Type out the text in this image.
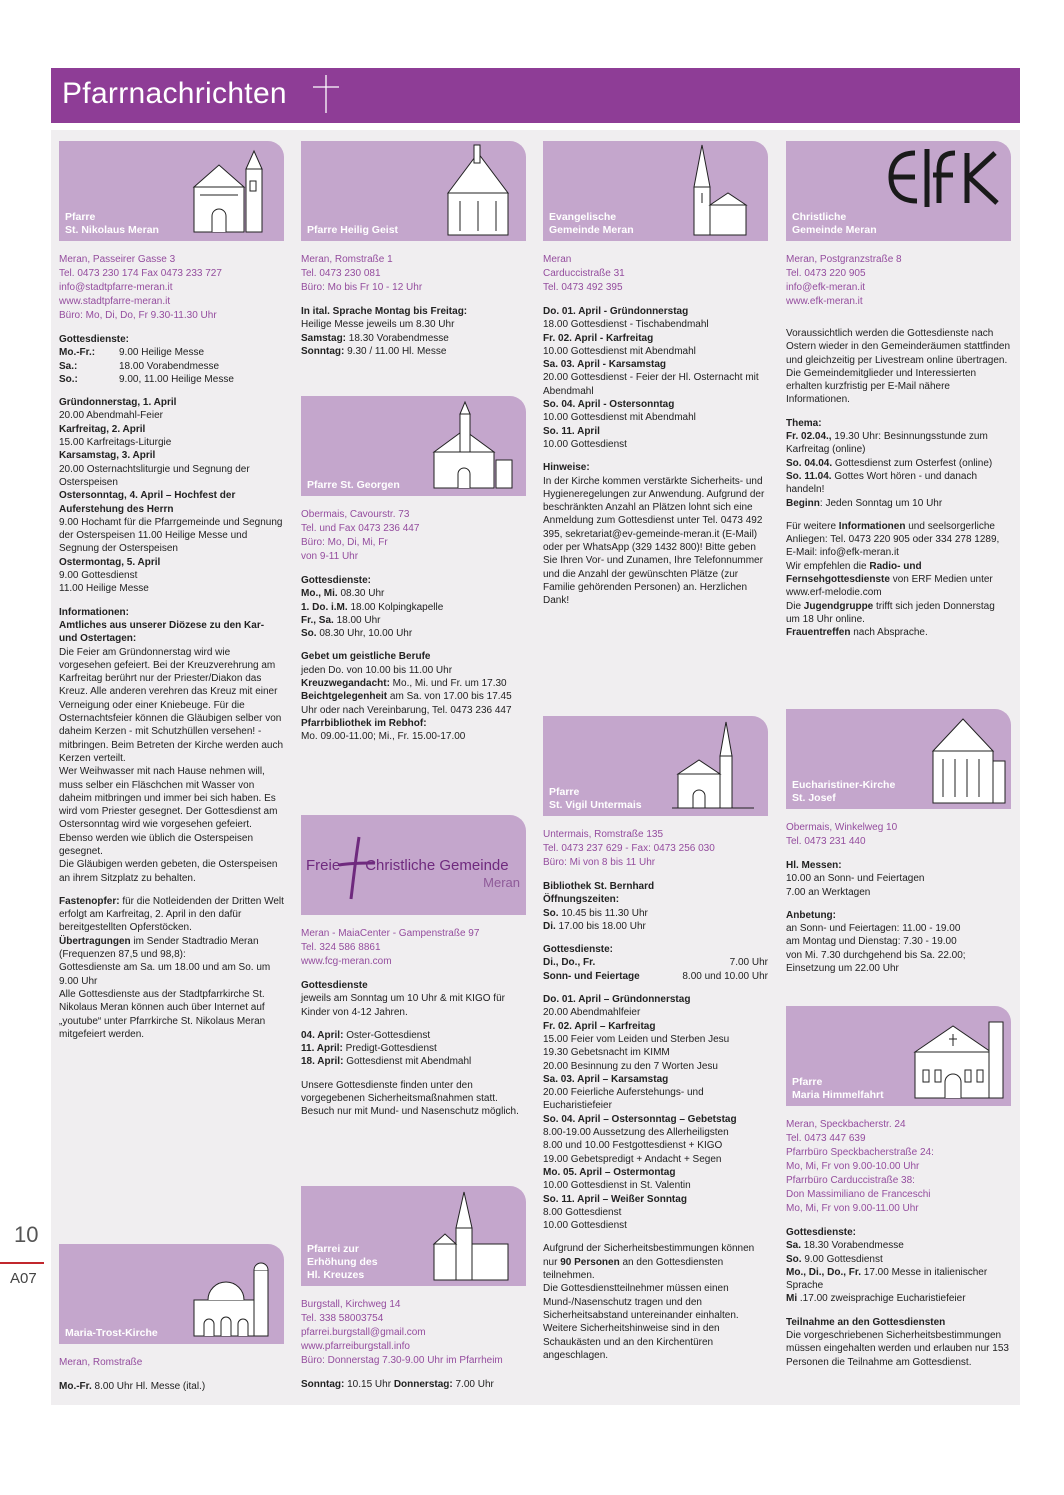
Pfarrnachrichten
10
A07
Pfarre
St. Nikolaus Meran
Meran, Passeirer Gasse 3
Tel. 0473 230 174 Fax 0473 233 727
info@stadtpfarre-meran.it
www.stadtpfarre-meran.it
Büro: Mo, Di, Do, Fr 9.30-11.30 Uhr

Gottesdienste:

Mo.-Fr.:	9.00 Heilige Messe
Sa.:	18.00 Vorabendmesse
So.:	9.00, 11.00 Heilige Messe

Gründonnerstag, 1. April

20.00 Abendmahl-Feier

Karfreitag, 2. April

15.00 Karfreitags-Liturgie

Karsamstag, 3. April

20.00 Osternachtsliturgie und Segnung der Osterspeisen

Ostersonntag, 4. April – Hochfest der Auferstehung des Herrn

9.00 Hochamt für die Pfarrgemeinde und Segnung der Osterspeisen 11.00 Heilige Messe und Segnung der Osterspeisen

Ostermontag, 5. April

9.00 Gottesdienst

11.00 Heilige Messe

Informationen:

Amtliches aus unserer Diözese zu den Kar- und Ostertagen:

Die Feier am Gründonnerstag wird wie vorgesehen gefeiert. Bei der Kreuzverehrung am Karfreitag berührt nur der Priester/Diakon das Kreuz. Alle anderen verehren das Kreuz mit einer Verneigung oder einer Kniebeuge. Für die Osternachtsfeier können die Gläubigen selber von daheim Kerzen - mit Schutzhüllen versehen! - mitbringen. Beim Betreten der Kirche werden auch Kerzen verteilt.

Wer Weihwasser mit nach Hause nehmen will, muss selber ein Fläschchen mit Wasser von daheim mitbringen und immer bei sich haben. Es wird vom Priester gesegnet. Der Gottesdienst am Ostersonntag wird wie vorgesehen gefeiert. Ebenso werden wie üblich die Osterspeisen gesegnet.

Die Gläubigen werden gebeten, die Osterspeisen an ihrem Sitzplatz zu behalten.

Fastenopfer: für die Notleidenden der Dritten Welt erfolgt am Karfreitag, 2. April in den dafür bereitgestellten Opferstöcken.

Übertragungen im Sender Stadtradio Meran (Frequenzen 87,5 und 98,8):

Gottesdienste am Sa. um 18.00 und am So. um 9.00 Uhr

Alle Gottesdienste aus der Stadtpfarrkirche St. Nikolaus Meran können auch über Internet auf „youtube“ unter Pfarrkirche St. Nikolaus Meran mitgefeiert werden.

Maria-Trost-Kirche
Meran, Romstraße

Mo.-Fr. 8.00 Uhr Hl. Messe (ital.)

Pfarre Heilig Geist
Meran, Romstraße 1
Tel. 0473 230 081
Büro: Mo bis Fr 10 - 12 Uhr

In ital. Sprache Montag bis Freitag:

Heilige Messe jeweils um 8.30 Uhr

Samstag: 18.30 Vorabendmesse

Sonntag: 9.30 / 11.00 Hl. Messe

Pfarre St. Georgen
Obermais, Cavourstr. 73
Tel. und Fax 0473 236 447
Büro: Mo, Di, Mi, Fr
von 9-11 Uhr

Gottesdienste:

Mo., Mi. 08.30 Uhr

1. Do. i.M. 18.00 Kolpingkapelle

Fr., Sa. 18.00 Uhr

So. 08.30 Uhr, 10.00 Uhr

Gebet um geistliche Berufe

jeden Do. von 10.00 bis 11.00 Uhr

Kreuzwegandacht: Mo., Mi. und Fr. um 17.30

Beichtgelegenheit am Sa. von 17.00 bis 17.45 Uhr oder nach Vereinbarung, Tel. 0473 236 447

Pfarrbibliothek im Rebhof:

Mo. 09.00-11.00; Mi., Fr. 15.00-17.00

Freie Christliche Gemeinde
Meran
Meran - MaiaCenter - Gampenstraße 97
Tel. 324 586 8861
www.fcg-meran.com

Gottesdienste

jeweils am Sonntag um 10 Uhr & mit KIGO für Kinder von 4-12 Jahren.

04. April: Oster-Gottesdienst

11. April: Predigt-Gottesdienst

18. April: Gottesdienst mit Abendmahl

Unsere Gottesdienste finden unter den vorgegebenen Sicherheitsmaßnahmen statt. Besuch nur mit Mund- und Nasenschutz möglich.

Pfarrei zur
Erhöhung des
Hl. Kreuzes
Burgstall, Kirchweg 14
Tel. 338 58003754
pfarrei.burgstall@gmail.com
www.pfarreiburgstall.info
Büro: Donnerstag 7.30-9.00 Uhr im Pfarrheim

Sonntag: 10.15 Uhr Donnerstag: 7.00 Uhr

Evangelische
Gemeinde Meran
Meran
Carduccistraße 31
Tel. 0473 492 395

Do. 01. April - Gründonnerstag

18.00 Gottesdienst - Tischabendmahl

Fr. 02. April - Karfreitag

10.00 Gottesdienst mit Abendmahl

Sa. 03. April - Karsamstag

20.00 Gottesdienst - Feier der Hl. Osternacht mit Abendmahl

So. 04. April - Ostersonntag

10.00 Gottesdienst mit Abendmahl

So. 11. April

10.00 Gottesdienst

Hinweise:

In der Kirche kommen verstärkte Sicherheits- und Hygieneregelungen zur Anwendung. Aufgrund der beschränkten Anzahl an Plätzen lohnt sich eine Anmeldung zum Gottesdienst unter Tel. 0473 492 395, sekretariat@ev-gemeinde-meran.it (E-Mail) oder per WhatsApp (329 1432 800)! Bitte geben Sie Ihren Vor- und Zunamen, Ihre Telefonnummer und die Anzahl der gewünschten Plätze (zur Familie gehörenden Personen) an. Herzlichen Dank!

Pfarre
St. Vigil Untermais
Untermais, Romstraße 135
Tel. 0473 237 629 - Fax: 0473 256 030
Büro: Mi von 8 bis 11 Uhr

Bibliothek St. Bernhard

Öffnungszeiten:

So. 10.45 bis 11.30 Uhr

Di. 17.00 bis 18.00 Uhr

Gottesdienste:

Di., Do., Fr.	7.00 Uhr
Sonn- und Feiertage	8.00 und 10.00 Uhr

Do. 01. April – Gründonnerstag

20.00 Abendmahlfeier

Fr. 02. April – Karfreitag

15.00 Feier vom Leiden und Sterben Jesu
19.30 Gebetsnacht im KIMM
20.00 Besinnung zu den 7 Worten Jesu

Sa. 03. April – Karsamstag

20.00 Feierliche Auferstehungs- und Eucharistiefeier

So. 04. April – Ostersonntag – Gebetstag

8.00-19.00 Aussetzung des Allerheiligsten
8.00 und 10.00 Festgottesdienst + KIGO
19.00 Gebetspredigt + Andacht + Segen

Mo. 05. April – Ostermontag

10.00 Gottesdienst in St. Valentin

So. 11. April – Weißer Sonntag

8.00 Gottesdienst
10.00 Gottesdienst

Aufgrund der Sicherheitsbestimmungen können nur 90 Personen an den Gottesdiensten teilnehmen.

Die Gottesdienstteilnehmer müssen einen Mund-/Nasenschutz tragen und den Sicherheitsabstand untereinander einhalten. Weitere Sicherheitshinweise sind in den Schaukästen und an den Kirchentüren angeschlagen.

Christliche
Gemeinde Meran
Meran, Postgranzstraße 8
Tel. 0473 220 905
info@efk-meran.it
www.efk-meran.it

Voraussichtlich werden die Gottesdienste nach Ostern wieder in den Gemeinderäumen stattfinden und gleichzeitig per Livestream online übertragen.

Die Gemeindemitglieder und Interessierten erhalten kurzfristig per E-Mail nähere Informationen.

Thema:

Fr. 02.04., 19.30 Uhr: Besinnungsstunde zum Karfreitag (online)

So. 04.04. Gottesdienst zum Osterfest (online)

So. 11.04. Gottes Wort hören - und danach handeln!

Beginn: Jeden Sonntag um 10 Uhr

Für weitere Informationen und seelsorgerliche Anliegen: Tel. 0473 220 905 oder 334 278 1289, E-Mail: info@efk-meran.it

Wir empfehlen die Radio- und Fernsehgottesdienste von ERF Medien unter www.erf-melodie.com

Die Jugendgruppe trifft sich jeden Donnerstag um 18 Uhr online.

Frauentreffen nach Absprache.

Eucharistiner-Kirche
St. Josef
Obermais, Winkelweg 10
Tel. 0473 231 440

Hl. Messen:

10.00 an Sonn- und Feiertagen

7.00 an Werktagen

Anbetung:

an Sonn- und Feiertagen: 11.00 - 19.00

am Montag und Dienstag: 7.30 - 19.00

von Mi. 7.30 durchgehend bis Sa. 22.00;

Einsetzung um 22.00 Uhr

Pfarre
Maria Himmelfahrt
Meran, Speckbacherstr. 24
Tel. 0473 447 639
Pfarrbüro Speckbacherstraße 24:
Mo, Mi, Fr von 9.00-10.00 Uhr
Pfarrbüro Carduccistraße 38:
Don Massimiliano de Franceschi
Mo, Mi, Fr von 9.00-11.00 Uhr

Gottesdienste:

Sa. 18.30 Vorabendmesse

So. 9.00 Gottesdienst

Mo., Di., Do., Fr. 17.00 Messe in italienischer Sprache

Mi .17.00 zweisprachige Eucharistiefeier

Teilnahme an den Gottesdiensten

Die vorgeschriebenen Sicherheitsbestimmungen müssen eingehalten werden und erlauben nur 153 Personen die Teilnahme am Gottesdienst.
